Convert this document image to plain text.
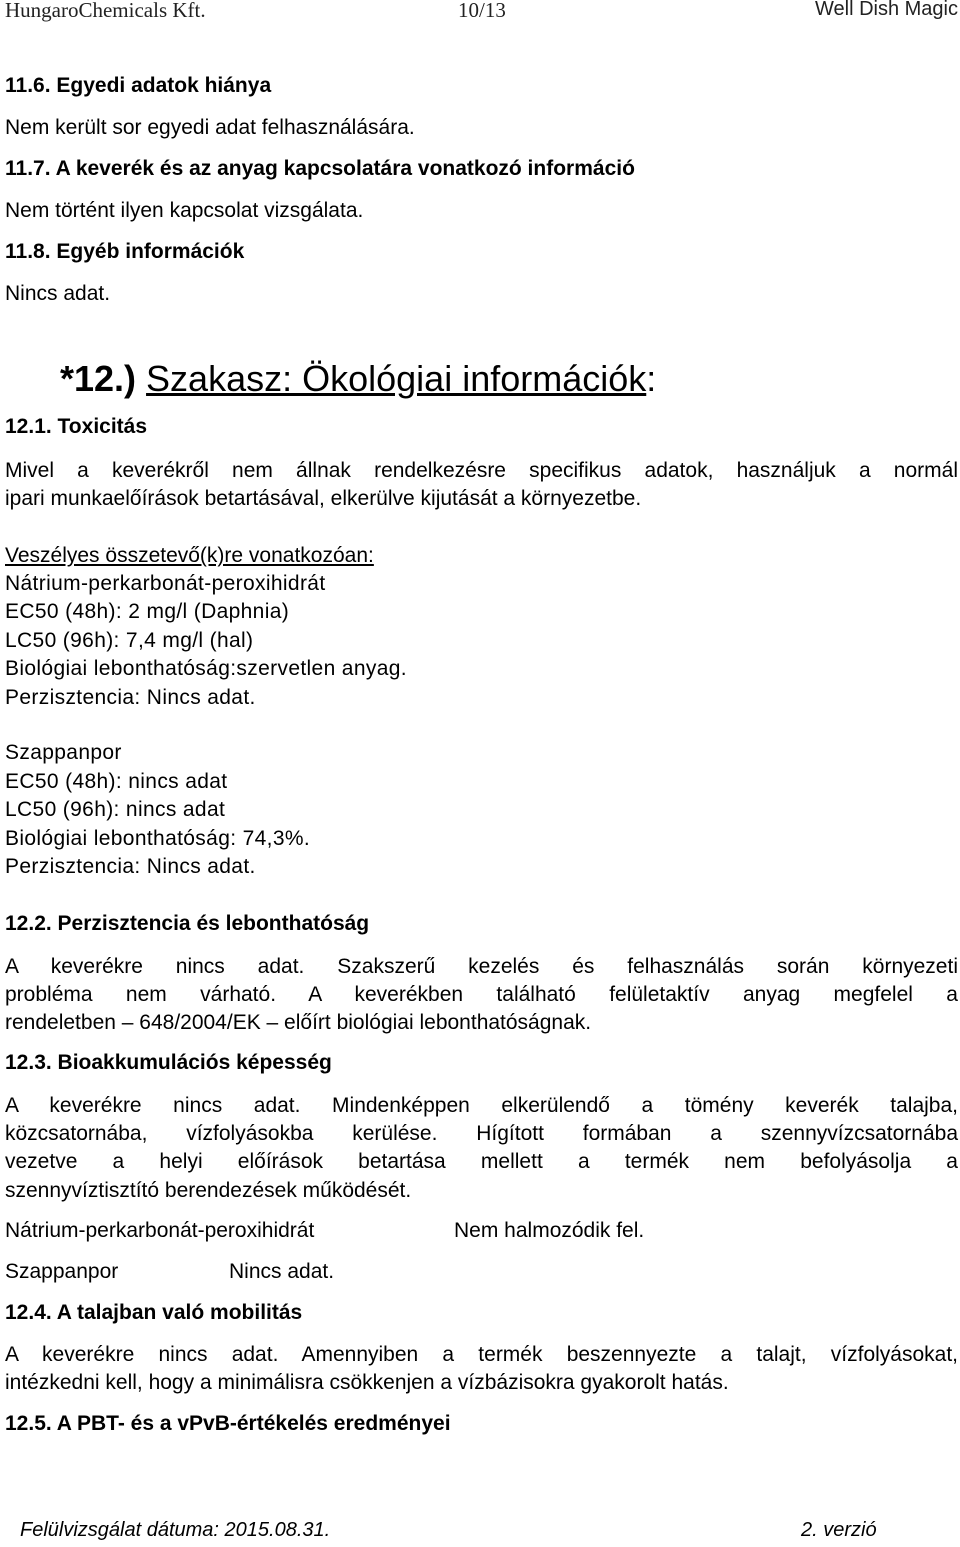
HungaroChemicals Kft.	10/13	Well Dish Magic
11.6. Egyedi adatok hiánya
Nem került sor egyedi adat felhasználására.
11.7. A keverék és az anyag kapcsolatára vonatkozó információ
Nem történt ilyen kapcsolat vizsgálata.
11.8. Egyéb információk
Nincs adat.
*12.) Szakasz: Ökológiai információk:
12.1. Toxicitás
Mivel a keverékről nem állnak rendelkezésre specifikus adatok, használjuk a normál
ipari munkaelőírások betartásával, elkerülve kijutását a környezetbe.
Veszélyes összetevő(k)re vonatkozóan:
Nátrium-perkarbonát-peroxihidrát
EC50 (48h): 2 mg/l (Daphnia)
LC50 (96h): 7,4 mg/l (hal)
Biológiai lebonthatóság:szervetlen anyag.
Perzisztencia: Nincs adat.
Szappanpor
EC50 (48h): nincs adat
LC50 (96h): nincs adat
Biológiai lebonthatóság: 74,3%.
Perzisztencia: Nincs adat.
12.2. Perzisztencia és lebonthatóság
A keverékre nincs adat. Szakszerű kezelés és felhasználás során környezeti
probléma nem várható. A keverékben található felületaktív anyag megfelel a
rendeletben – 648/2004/EK – előírt biológiai lebonthatóságnak.
12.3. Bioakkumulációs képesség
A keverékre nincs adat. Mindenképpen elkerülendő a tömény keverék talajba,
közcsatornába, vízfolyásokba kerülése. Hígított formában a szennyvízcsatornába
vezetve a helyi előírások betartása mellett a termék nem befolyásolja a
szennyvíztisztító berendezések működését.
Nátrium-perkarbonát-peroxihidrát	Nem halmozódik fel.
Szappanpor	Nincs adat.
12.4. A talajban való mobilitás
A keverékre nincs adat. Amennyiben a termék beszennyezte a talajt, vízfolyásokat,
intézkedni kell, hogy a minimálisra csökkenjen a vízbázisokra gyakorolt hatás.
12.5. A PBT- és a vPvB-értékelés eredményei
Felülvizsgálat dátuma: 2015.08.31.	2. verzió
